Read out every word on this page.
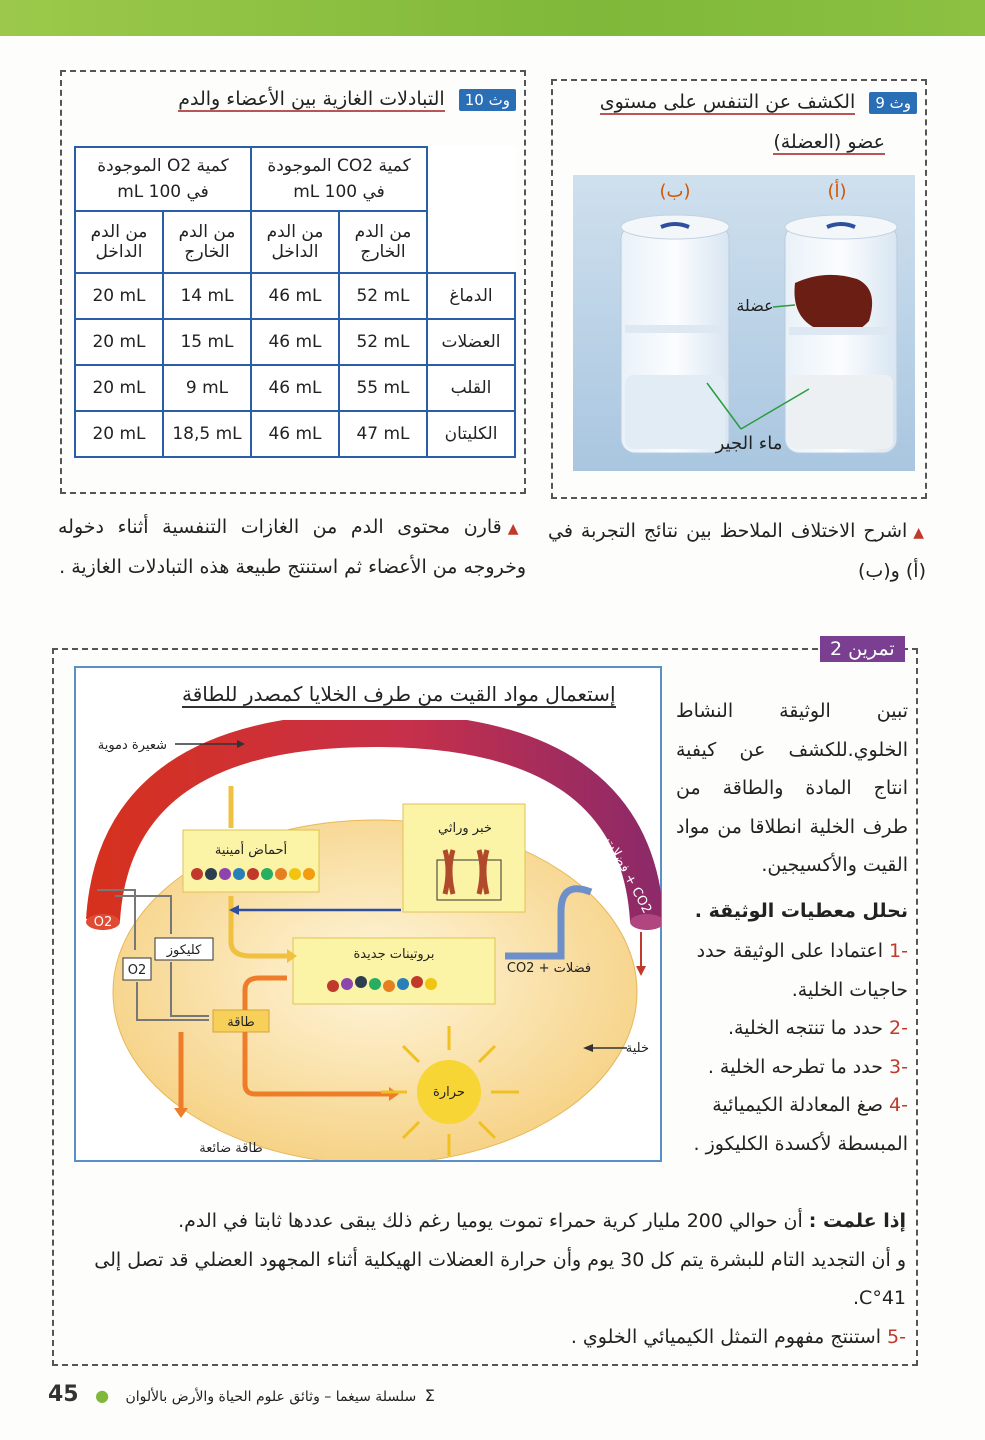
وث 9 الكشف عن التنفس على مستوى
عضو (العضلة)
(ب)	(أ)
عضلة
ماء الجير
وث 10 التبادلات الغازية بين الأعضاء والدم
كمية O2 الموجودة في 100 mL		كمية CO2 الموجودة في 100 mL		
من الدم الداخل	من الدم الخارج	من الدم الداخل	من الدم الخارج	
20 mL	14 mL	46 mL	52 mL	الدماغ
20 mL	15 mL	46 mL	52 mL	العضلات
20 mL	9 mL	46 mL	55 mL	القلب
20 mL	18,5 mL	46 mL	47 mL	الكليتان
▲اشرح الاختلاف الملاحظ بين نتائج التجربة في (أ) و(ب)
▲قارن محتوى الدم من الغازات التنفسية أثناء دخوله وخروجه من الأعضاء ثم استنتج طبيعة هذه التبادلات الغازية .
تمرين 2
إستعمال مواد القيت من طرف الخلايا كمصدر للطاقة
شعيرة دموية
أحماض أمينية
خبر وراثي
فضلات + CO2
CO2 + فضلات
O2
O2
كليكوز	بروتينات جديدة
طاقة
خلية
حرارة
طاقة ضائعة
تبين الوثيقة النشاط الخلوي.للكشف عن كيفية انتاج المادة والطاقة من طرف الخلية انطلاقا من مواد القيت والأكسيجين.
نحلل معطيات الوثيقة .
-1 اعتمادا على الوثيقة حدد حاجيات الخلية.
-2 حدد ما تنتجه الخلية.
-3 حدد ما تطرحه الخلية .
-4 صغ المعادلة الكيميائية المبسطة لأكسدة الكليكوز .
إذا علمت : أن حوالي 200 مليار كرية حمراء تموت يوميا رغم ذلك يبقى عددها ثابتا في الدم.
و أن التجديد التام للبشرة يتم كل 30 يوم وأن حرارة العضلات الهيكلية أثناء المجهود العضلي قد تصل إلى 41°C.
-5 استنتج مفهوم التمثل الكيميائي الخلوي .
45 ● سلسلة سيغما – وثائق علوم الحياة والأرض بالألوان Σ
